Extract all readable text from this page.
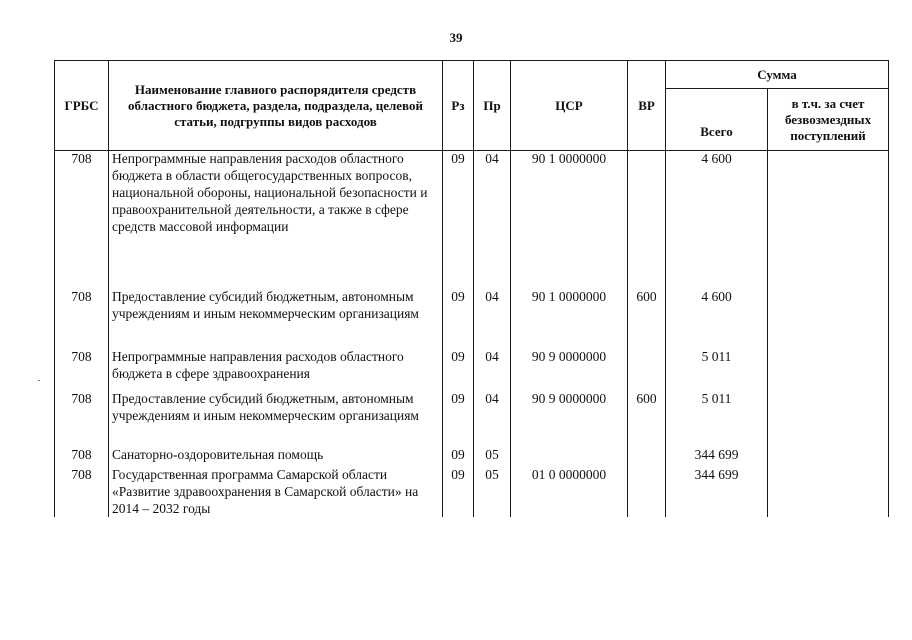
39
ГРБС	Наименование главного распорядителя средств областного бюджета, раздела, подраздела, целевой статьи, подгруппы видов расходов	Рз	Пр	ЦСР	ВР	Сумма	
						Всего	в т.ч. за счет безвозмездных поступлений
708	Непрограммные направления расходов областного бюджета в области общегосударственных вопросов, национальной обороны, национальной безопасности и правоохранительной деятельности, а также в сфере средств массовой информации	09	04	90 1 0000000		4 600	
708	Предоставление субсидий бюджетным, автономным учреждениям и иным некоммерческим организациям	09	04	90 1 0000000	600	4 600	
708	Непрограммные направления расходов областного бюджета в сфере здравоохранения	09	04	90 9 0000000		5 011	
708	Предоставление субсидий бюджетным, автономным учреждениям и иным некоммерческим организациям	09	04	90 9 0000000	600	5 011	
708	Санаторно-оздоровительная помощь	09	05			344 699	
708	Государственная программа Самарской области «Развитие здравоохранения в Самарской области» на 2014 – 2032 годы	09	05	01 0 0000000		344 699	
